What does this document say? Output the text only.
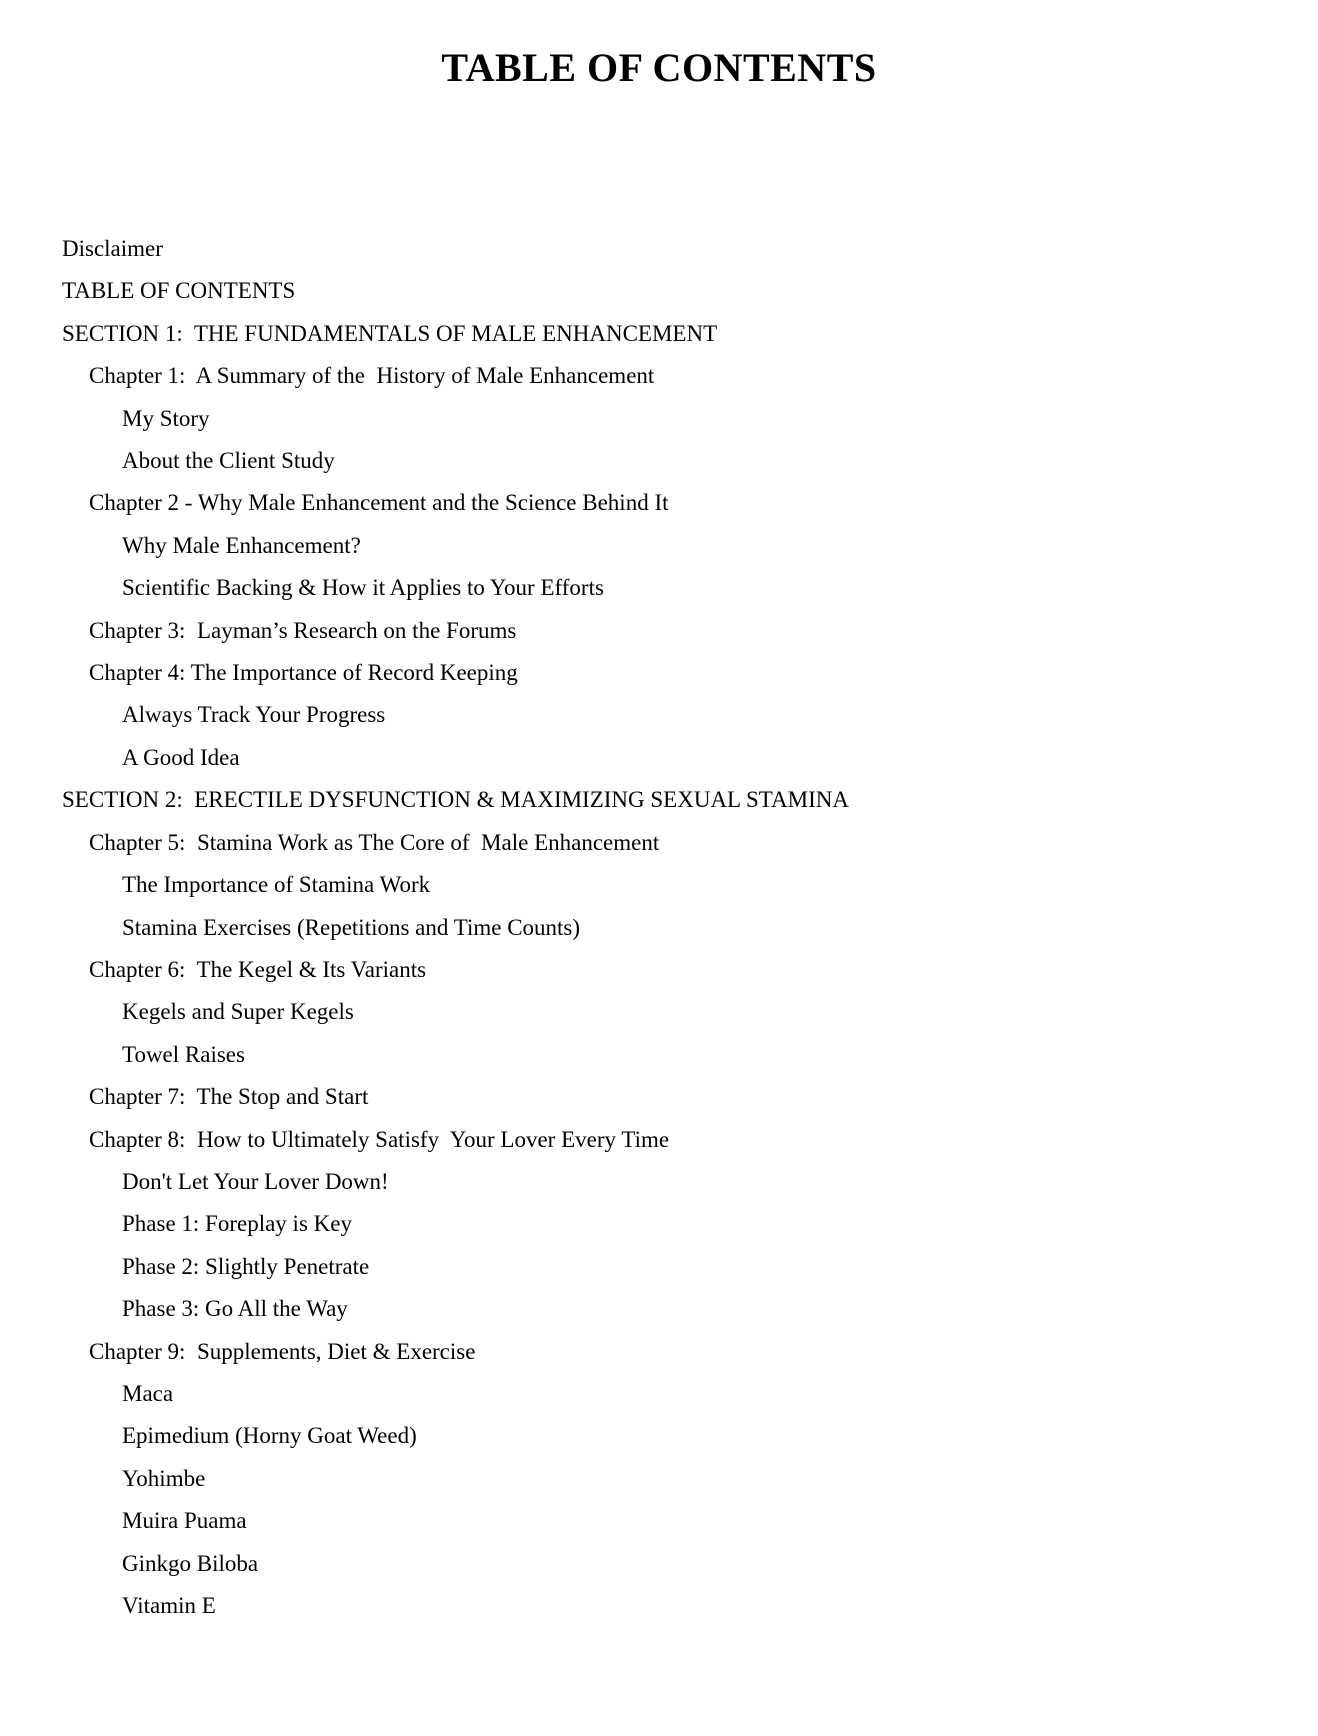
TABLE OF CONTENTS
Disclaimer
TABLE OF CONTENTS
SECTION 1:  THE FUNDAMENTALS OF MALE ENHANCEMENT
Chapter 1:  A Summary of the  History of Male Enhancement
My Story
About the Client Study
Chapter 2 - Why Male Enhancement and the Science Behind It
Why Male Enhancement?
Scientific Backing & How it Applies to Your Efforts
Chapter 3:  Layman’s Research on the Forums
Chapter 4: The Importance of Record Keeping
Always Track Your Progress
A Good Idea
SECTION 2:  ERECTILE DYSFUNCTION & MAXIMIZING SEXUAL STAMINA
Chapter 5:  Stamina Work as The Core of  Male Enhancement
The Importance of Stamina Work
Stamina Exercises (Repetitions and Time Counts)
Chapter 6:  The Kegel & Its Variants
Kegels and Super Kegels
Towel Raises
Chapter 7:  The Stop and Start
Chapter 8:  How to Ultimately Satisfy  Your Lover Every Time
Don't Let Your Lover Down!
Phase 1: Foreplay is Key
Phase 2: Slightly Penetrate
Phase 3: Go All the Way
Chapter 9:  Supplements, Diet & Exercise
Maca
Epimedium (Horny Goat Weed)
Yohimbe
Muira Puama
Ginkgo Biloba
Vitamin E
